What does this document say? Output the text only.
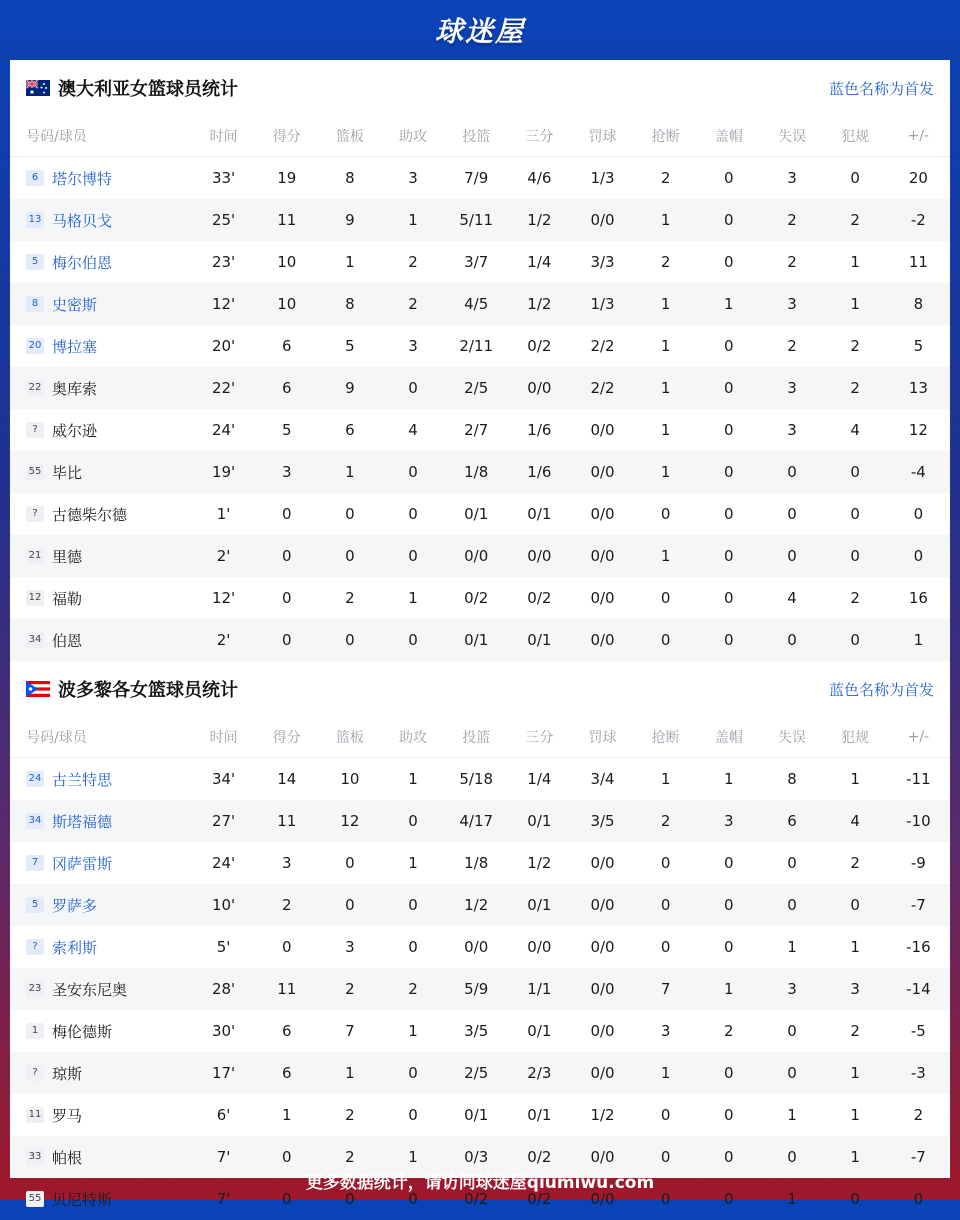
球迷屋
澳大利亚女篮球员统计	蓝色名称为首发
号码/球员	时间	得分	篮板	助攻	投篮	三分	罚球	抢断	盖帽	失误	犯规	+/-
6 塔尔博特	33'	19	8	3	7/9	4/6	1/3	2	0	3	0	20
13 马格贝戈	25'	11	9	1	5/11	1/2	0/0	1	0	2	2	-2
5 梅尔伯恩	23'	10	1	2	3/7	1/4	3/3	2	0	2	1	11
8 史密斯	12'	10	8	2	4/5	1/2	1/3	1	1	3	1	8
20 博拉塞	20'	6	5	3	2/11	0/2	2/2	1	0	2	2	5
22 奥库索	22'	6	9	0	2/5	0/0	2/2	1	0	3	2	13
? 威尔逊	24'	5	6	4	2/7	1/6	0/0	1	0	3	4	12
55 毕比	19'	3	1	0	1/8	1/6	0/0	1	0	0	0	-4
? 古德柴尔德	1'	0	0	0	0/1	0/1	0/0	0	0	0	0	0
21 里德	2'	0	0	0	0/0	0/0	0/0	1	0	0	0	0
12 福勒	12'	0	2	1	0/2	0/2	0/0	0	0	4	2	16
34 伯恩	2'	0	0	0	0/1	0/1	0/0	0	0	0	0	1
波多黎各女篮球员统计	蓝色名称为首发
号码/球员	时间	得分	篮板	助攻	投篮	三分	罚球	抢断	盖帽	失误	犯规	+/-
24 古兰特思	34'	14	10	1	5/18	1/4	3/4	1	1	8	1	-11
34 斯塔福德	27'	11	12	0	4/17	0/1	3/5	2	3	6	4	-10
7 冈萨雷斯	24'	3	0	1	1/8	1/2	0/0	0	0	0	2	-9
5 罗萨多	10'	2	0	0	1/2	0/1	0/0	0	0	0	0	-7
? 索利斯	5'	0	3	0	0/0	0/0	0/0	0	0	1	1	-16
23 圣安东尼奥	28'	11	2	2	5/9	1/1	0/0	7	1	3	3	-14
1 梅伦德斯	30'	6	7	1	3/5	0/1	0/0	3	2	0	2	-5
? 琼斯	17'	6	1	0	2/5	2/3	0/0	1	0	0	1	-3
11 罗马	6'	1	2	0	0/1	0/1	1/2	0	0	1	1	2
33 帕根	7'	0	2	1	0/3	0/2	0/0	0	0	0	1	-7
55 贝尼特斯	7'	0	0	0	0/2	0/2	0/0	0	0	1	0	0
更多数据统计，请访问球迷屋qiumiwu.com
